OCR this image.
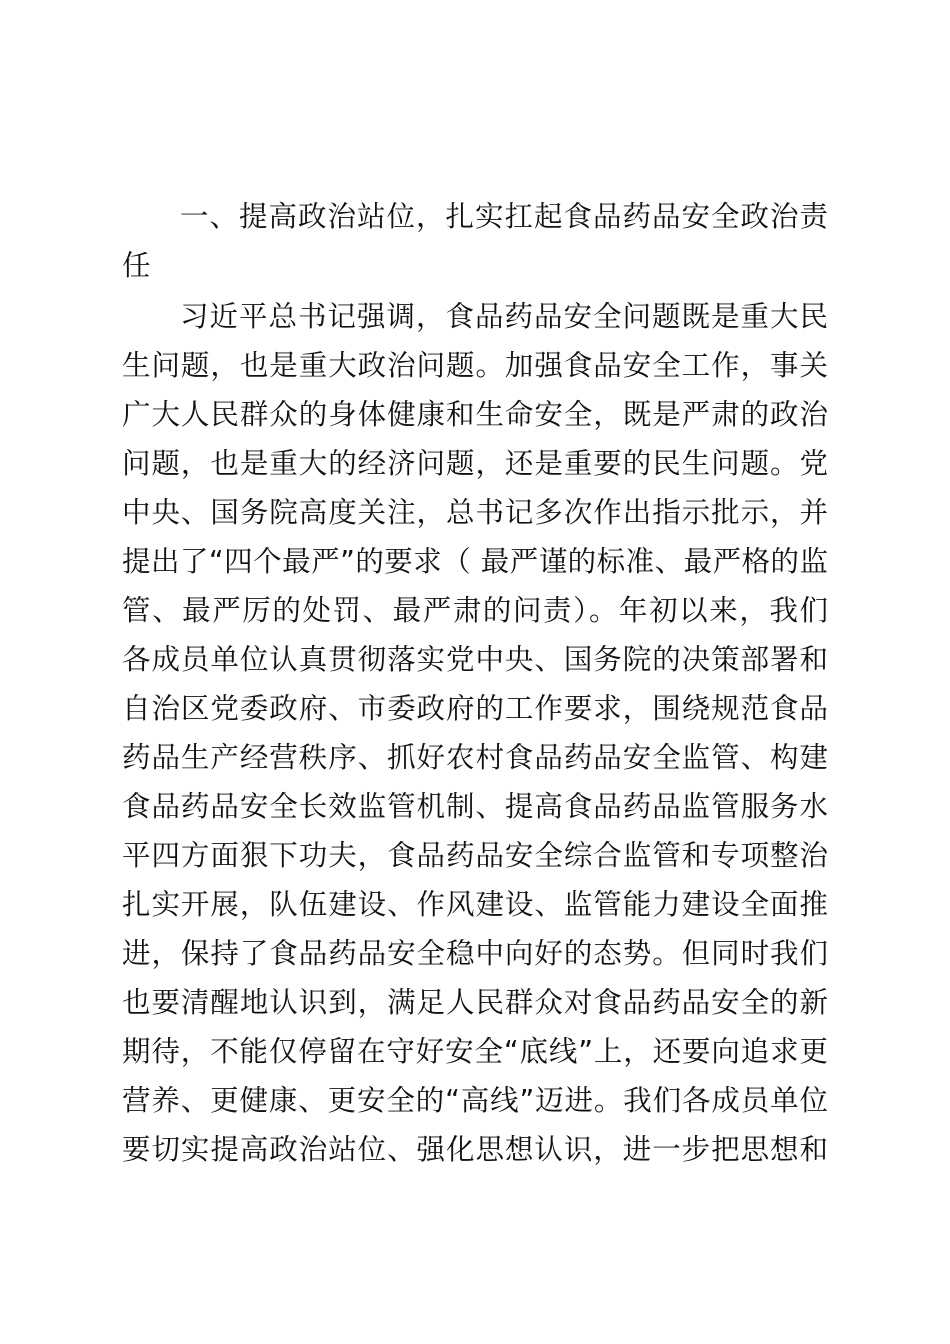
一、提高政治站位，扎实扛起食品药品安全政治责
任
习近平总书记强调，食品药品安全问题既是重大民
生问题，也是重大政治问题。加强食品安全工作，事关
广大人民群众的身体健康和生命安全，既是严肃的政治
问题，也是重大的经济问题，还是重要的民生问题。党
中央、国务院高度关注，总书记多次作出指示批示，并
提出了“四个最严”的要求（ 最严谨的标准、最严格的监
管、最严厉的处罚、最严肃的问责）。年初以来，我们
各成员单位认真贯彻落实党中央、国务院的决策部署和
自治区党委政府、市委政府的工作要求，围绕规范食品
药品生产经营秩序、抓好农村食品药品安全监管、构建
食品药品安全长效监管机制、提高食品药品监管服务水
平四方面狠下功夫，食品药品安全综合监管和专项整治
扎实开展，队伍建设、作风建设、监管能力建设全面推
进，保持了食品药品安全稳中向好的态势。但同时我们
也要清醒地认识到，满足人民群众对食品药品安全的新
期待，不能仅停留在守好安全“底线”上，还要向追求更
营养、更健康、更安全的“高线”迈进。我们各成员单位
要切实提高政治站位、强化思想认识，进一步把思想和
